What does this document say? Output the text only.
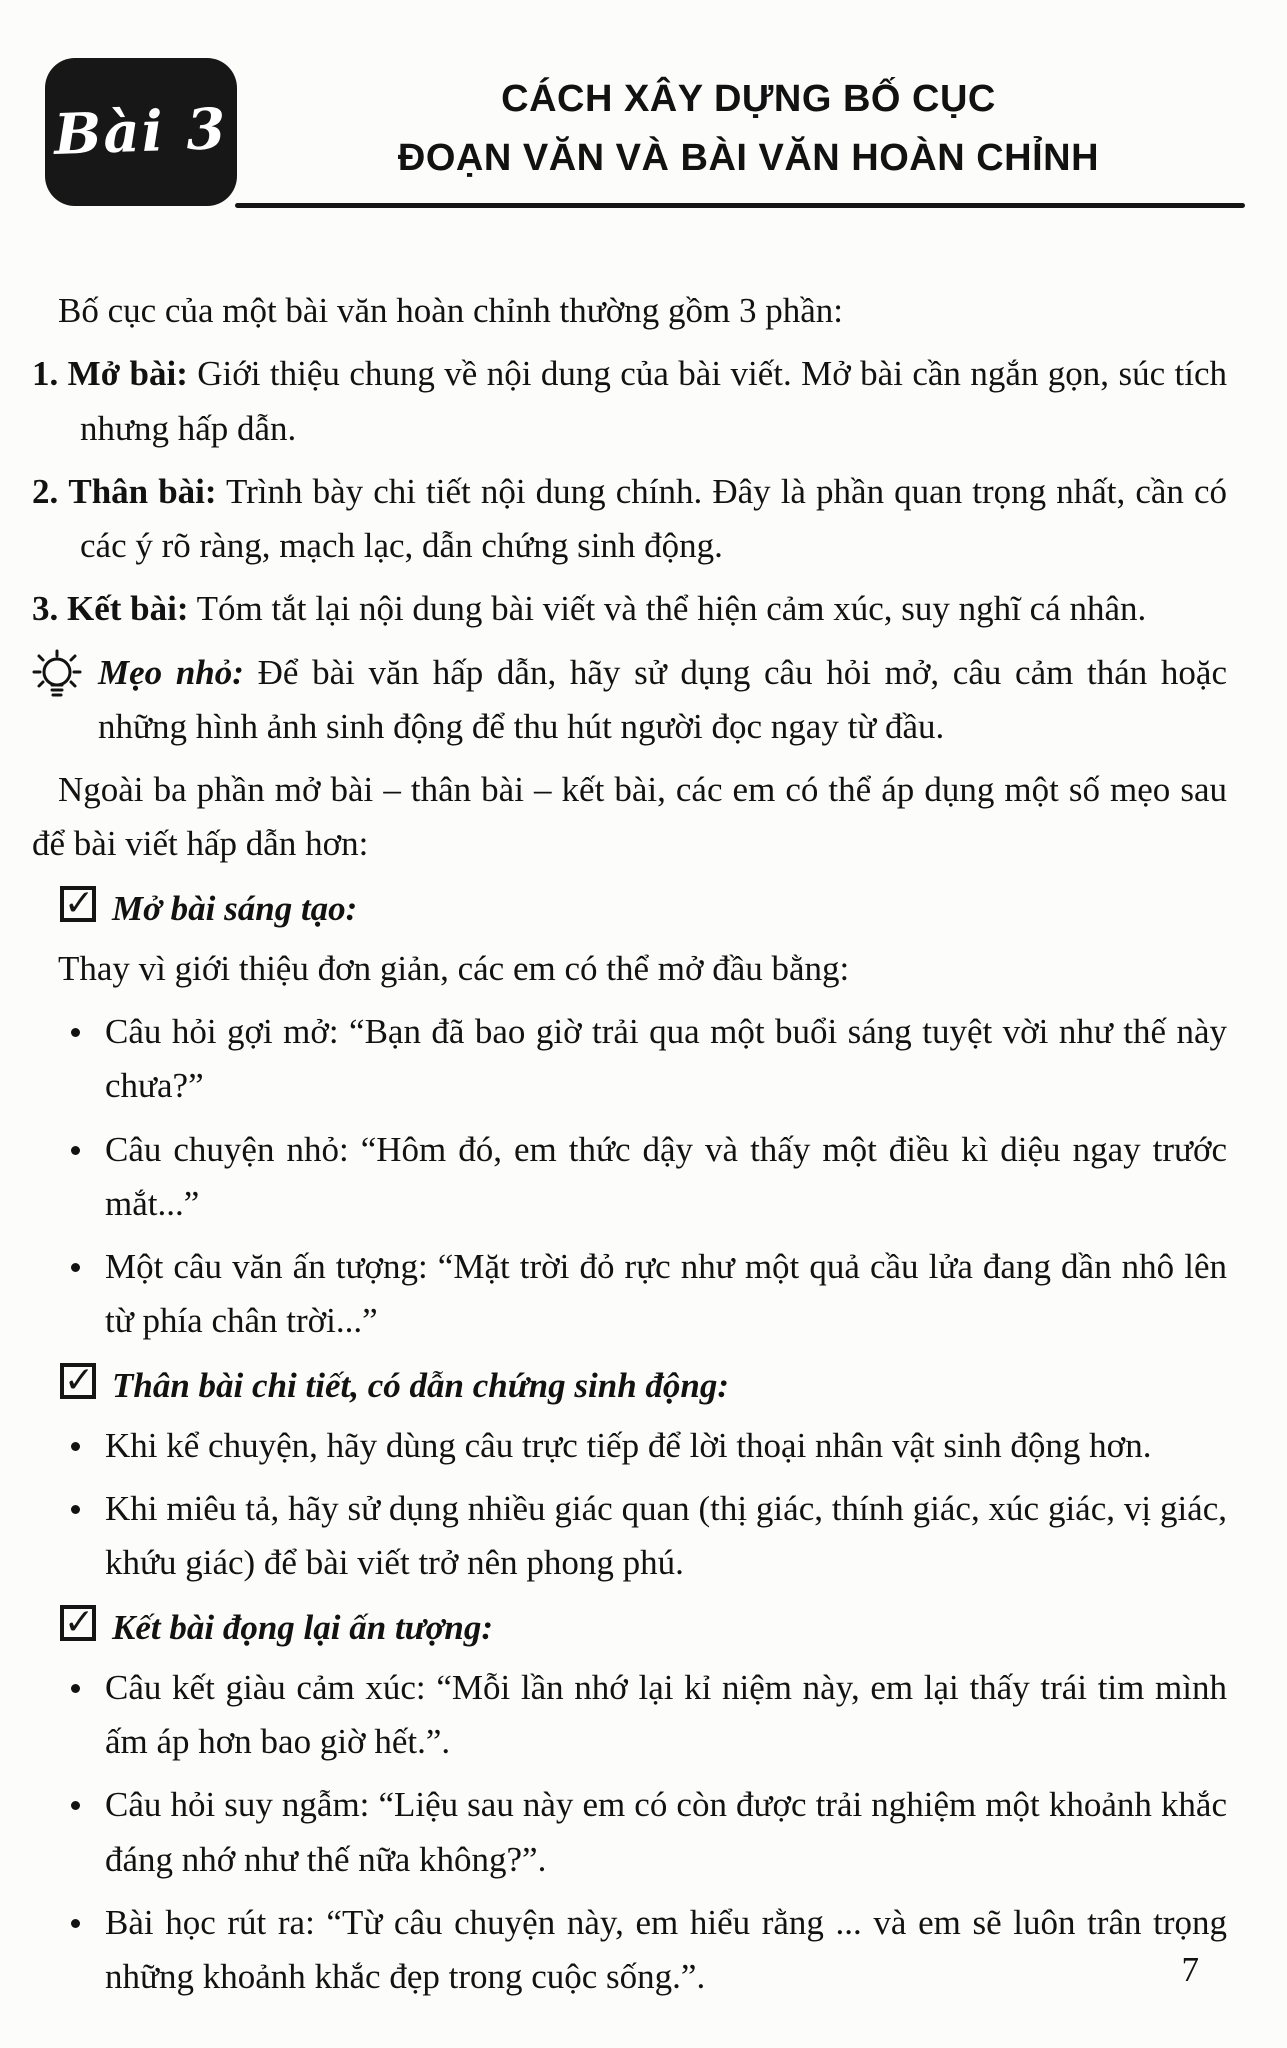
Bài 3	CÁCH XÂY DỰNG BỐ CỤC
ĐOẠN VĂN VÀ BÀI VĂN HOÀN CHỈNH

Bố cục của một bài văn hoàn chỉnh thường gồm 3 phần:

1. Mở bài: Giới thiệu chung về nội dung của bài viết. Mở bài cần ngắn gọn, súc tích nhưng hấp dẫn.

2. Thân bài: Trình bày chi tiết nội dung chính. Đây là phần quan trọng nhất, cần có các ý rõ ràng, mạch lạc, dẫn chứng sinh động.

3. Kết bài: Tóm tắt lại nội dung bài viết và thể hiện cảm xúc, suy nghĩ cá nhân.

Mẹo nhỏ: Để bài văn hấp dẫn, hãy sử dụng câu hỏi mở, câu cảm thán hoặc những hình ảnh sinh động để thu hút người đọc ngay từ đầu.

Ngoài ba phần mở bài – thân bài – kết bài, các em có thể áp dụng một số mẹo sau để bài viết hấp dẫn hơn:

✓Mở bài sáng tạo:

Thay vì giới thiệu đơn giản, các em có thể mở đầu bằng:

Câu hỏi gợi mở: “Bạn đã bao giờ trải qua một buổi sáng tuyệt vời như thế này chưa?”
Câu chuyện nhỏ: “Hôm đó, em thức dậy và thấy một điều kì diệu ngay trước mắt...”
Một câu văn ấn tượng: “Mặt trời đỏ rực như một quả cầu lửa đang dần nhô lên từ phía chân trời...”

✓Thân bài chi tiết, có dẫn chứng sinh động:

Khi kể chuyện, hãy dùng câu trực tiếp để lời thoại nhân vật sinh động hơn.
Khi miêu tả, hãy sử dụng nhiều giác quan (thị giác, thính giác, xúc giác, vị giác, khứu giác) để bài viết trở nên phong phú.

✓Kết bài đọng lại ấn tượng:

Câu kết giàu cảm xúc: “Mỗi lần nhớ lại kỉ niệm này, em lại thấy trái tim mình ấm áp hơn bao giờ hết.”.
Câu hỏi suy ngẫm: “Liệu sau này em có còn được trải nghiệm một khoảnh khắc đáng nhớ như thế nữa không?”.
Bài học rút ra: “Từ câu chuyện này, em hiểu rằng ... và em sẽ luôn trân trọng những khoảnh khắc đẹp trong cuộc sống.”.	7
